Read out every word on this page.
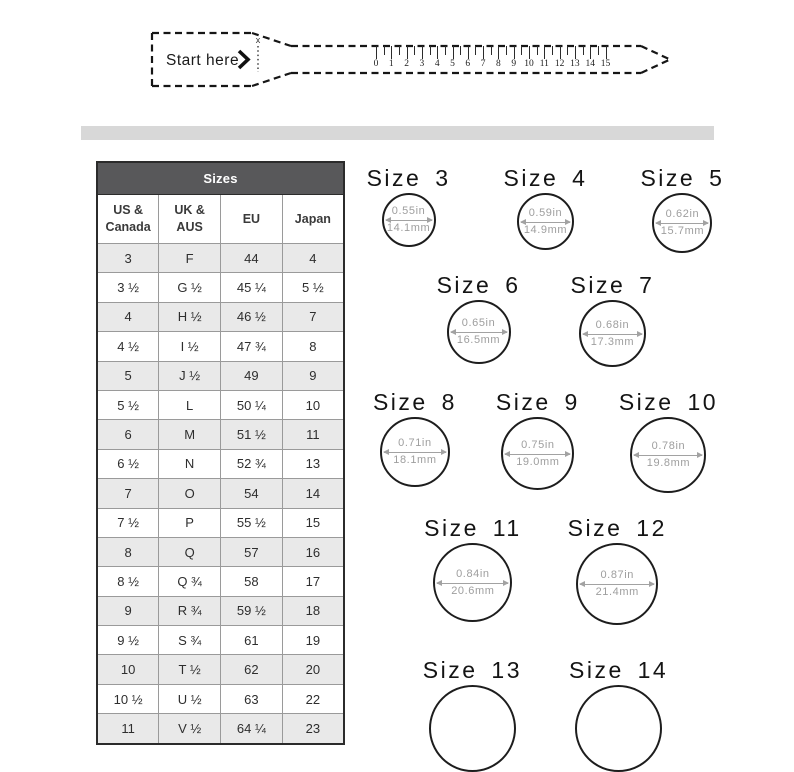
x
Start here	0	1	2	3	4	5	6	7	8	9 10 11 12 13 14 15
Sizes			
US & Canada	UK & AUS	EU	Japan
3	F	44	4
3 ½	G ½	45 ¼	5 ½
4	H ½	46 ½	7
4 ½	I ½	47 ¾	8
5	J ½	49	9
5 ½	L	50 ¼	10
6	M	51 ½	11
6 ½	N	52 ¾	13
7	O	54	14
7 ½	P	55 ½	15
8	Q	57	16
8 ½	Q ¾	58	17
9	R ¾	59 ½	18
9 ½	S ¾	61	19
10	T ½	62	20
10 ½	U ½	63	22
11	V ½	64 ¼	23
Size 3
0.55in
14.1mm
Size 4
0.59in
14.9mm
Size 5
0.62in
15.7mm
Size 6
0.65in
16.5mm
Size 7
0.68in
17.3mm
Size 8
0.71in
18.1mm
Size 9
0.75in
19.0mm
Size 10
0.78in
19.8mm
Size 11
0.84in
20.6mm
Size 12
0.87in
21.4mm
Size 13 Size 14
